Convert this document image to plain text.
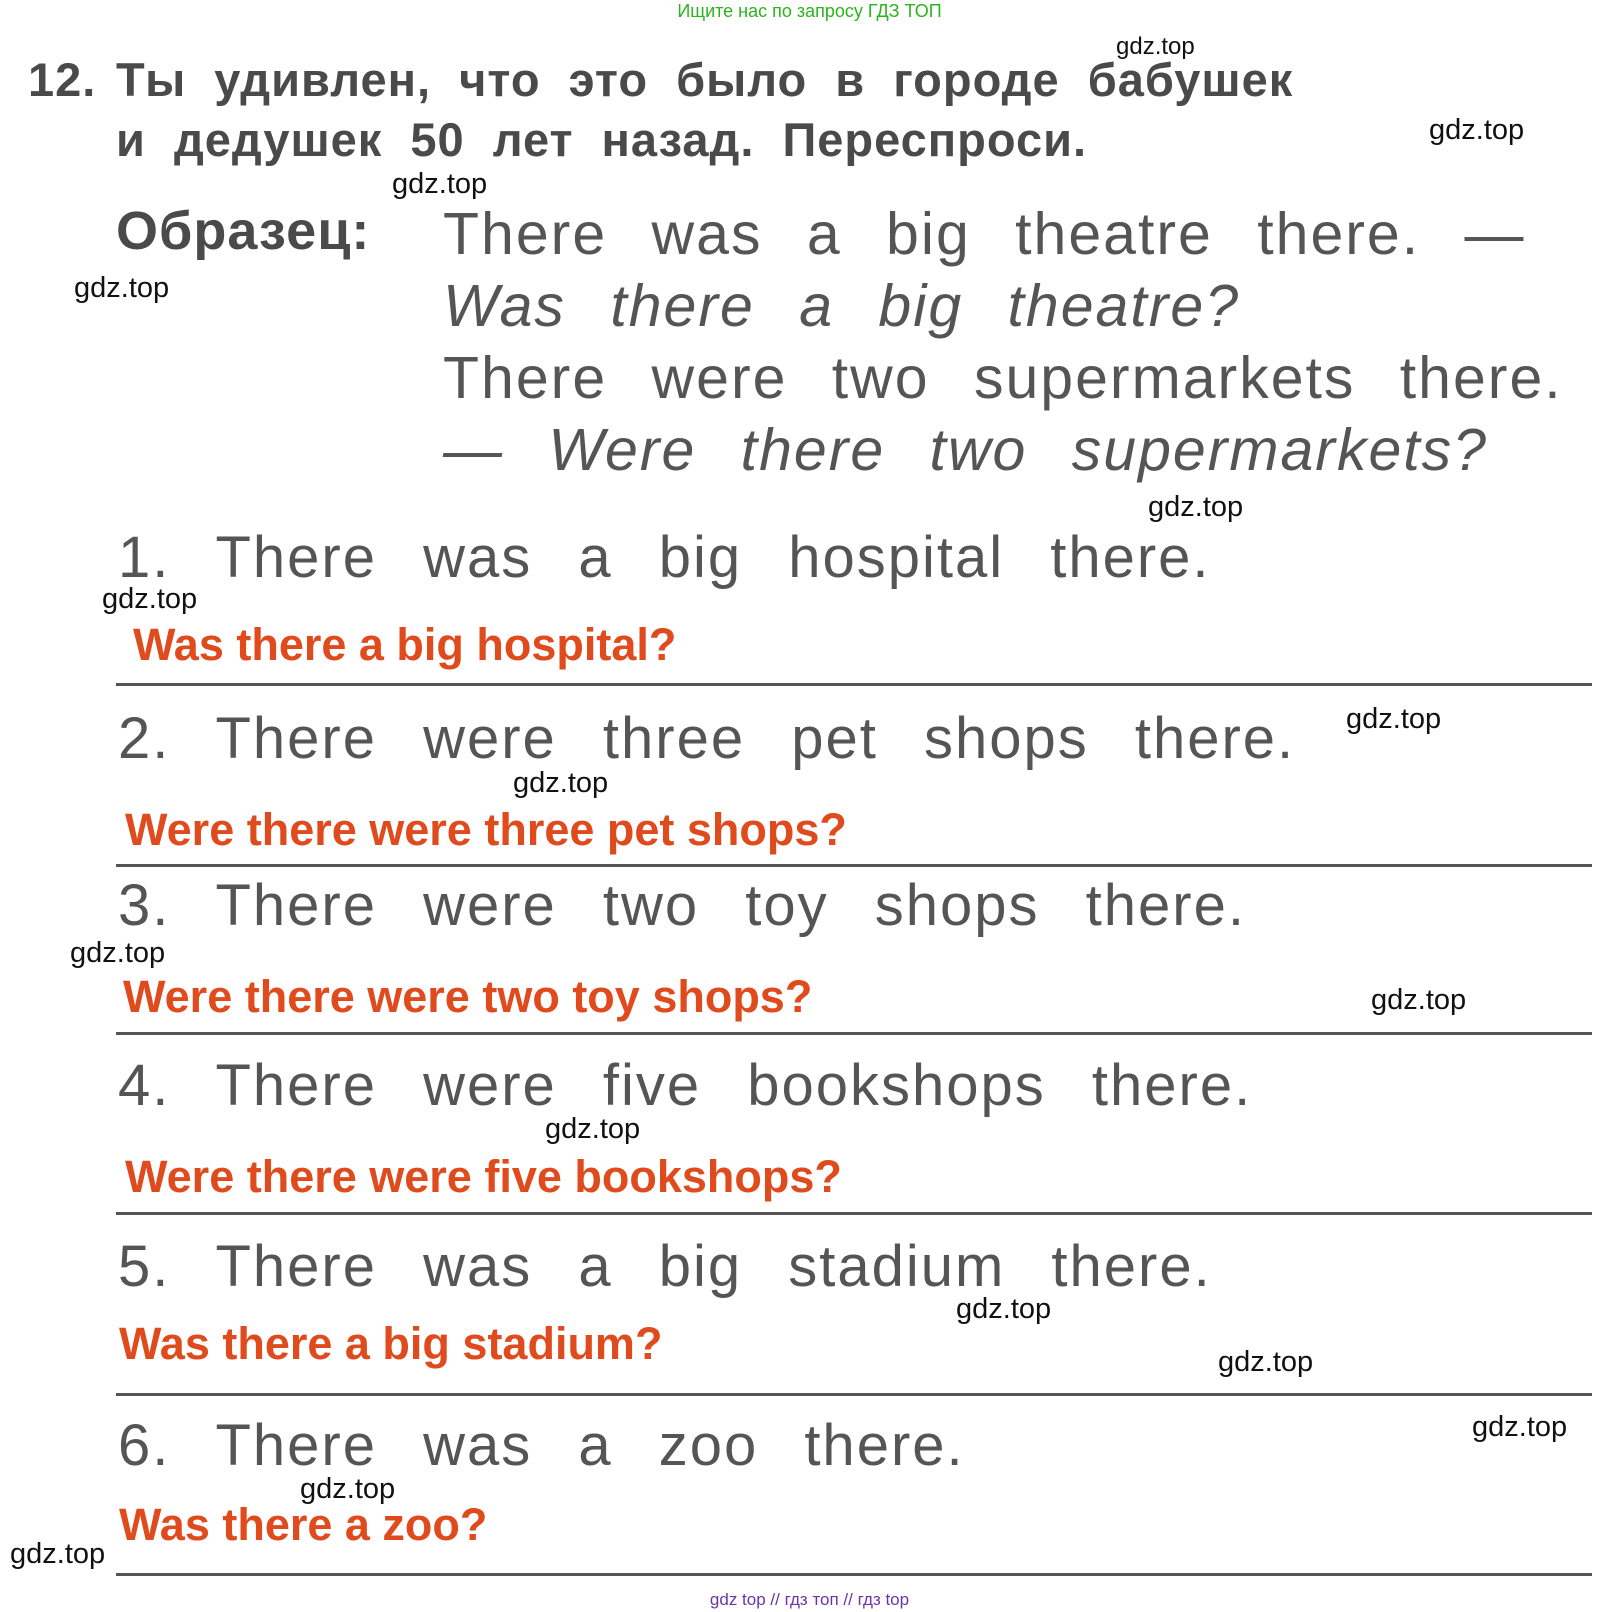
Ищите нас по запросу ГДЗ ТОП
12. Ты удивлен, что это было в городе бабушек
и дедушек 50 лет назад. Переспроси.
Образец: There was a big theatre there. —
Was there a big theatre?
There were two supermarkets there.
— Were there two supermarkets?
1. There was a big hospital there.
Was there a big hospital?
2. There were three pet shops there.
Were there were three pet shops?
3. There were two toy shops there.
Were there were two toy shops?
4. There were five bookshops there.
Were there were five bookshops?
5. There was a big stadium there.
Was there a big stadium?
6. There was a zoo there.
Was there a zoo?
gdz.top
gdz.top
gdz.top
gdz.top
gdz.top
gdz.top
gdz.top
gdz.top
gdz.top
gdz.top
gdz.top
gdz.top
gdz.top
gdz.top
gdz.top
gdz.top
gdz top // гдз топ // гдз top
